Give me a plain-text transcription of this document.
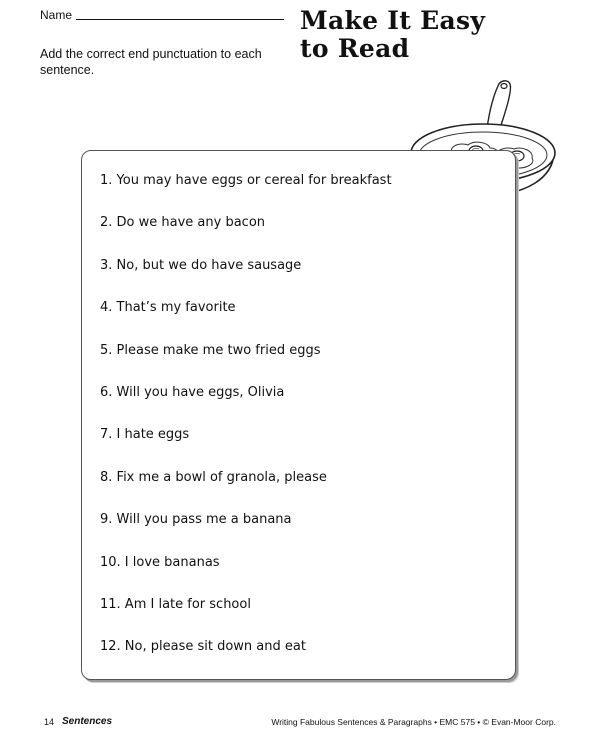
Name
Add the correct end punctuation to each sentence.
Make It Easy
to Read
1. You may have eggs or cereal for breakfast
2. Do we have any bacon
3. No, but we do have sausage
4. That’s my favorite
5. Please make me two fried eggs
6. Will you have eggs, Olivia
7. I hate eggs
8. Fix me a bowl of granola, please
9. Will you pass me a banana
10. I love bananas
11. Am I late for school
12. No, please sit down and eat
14 Sentences	Writing Fabulous Sentences & Paragraphs • EMC 575 • © Evan-Moor Corp.
